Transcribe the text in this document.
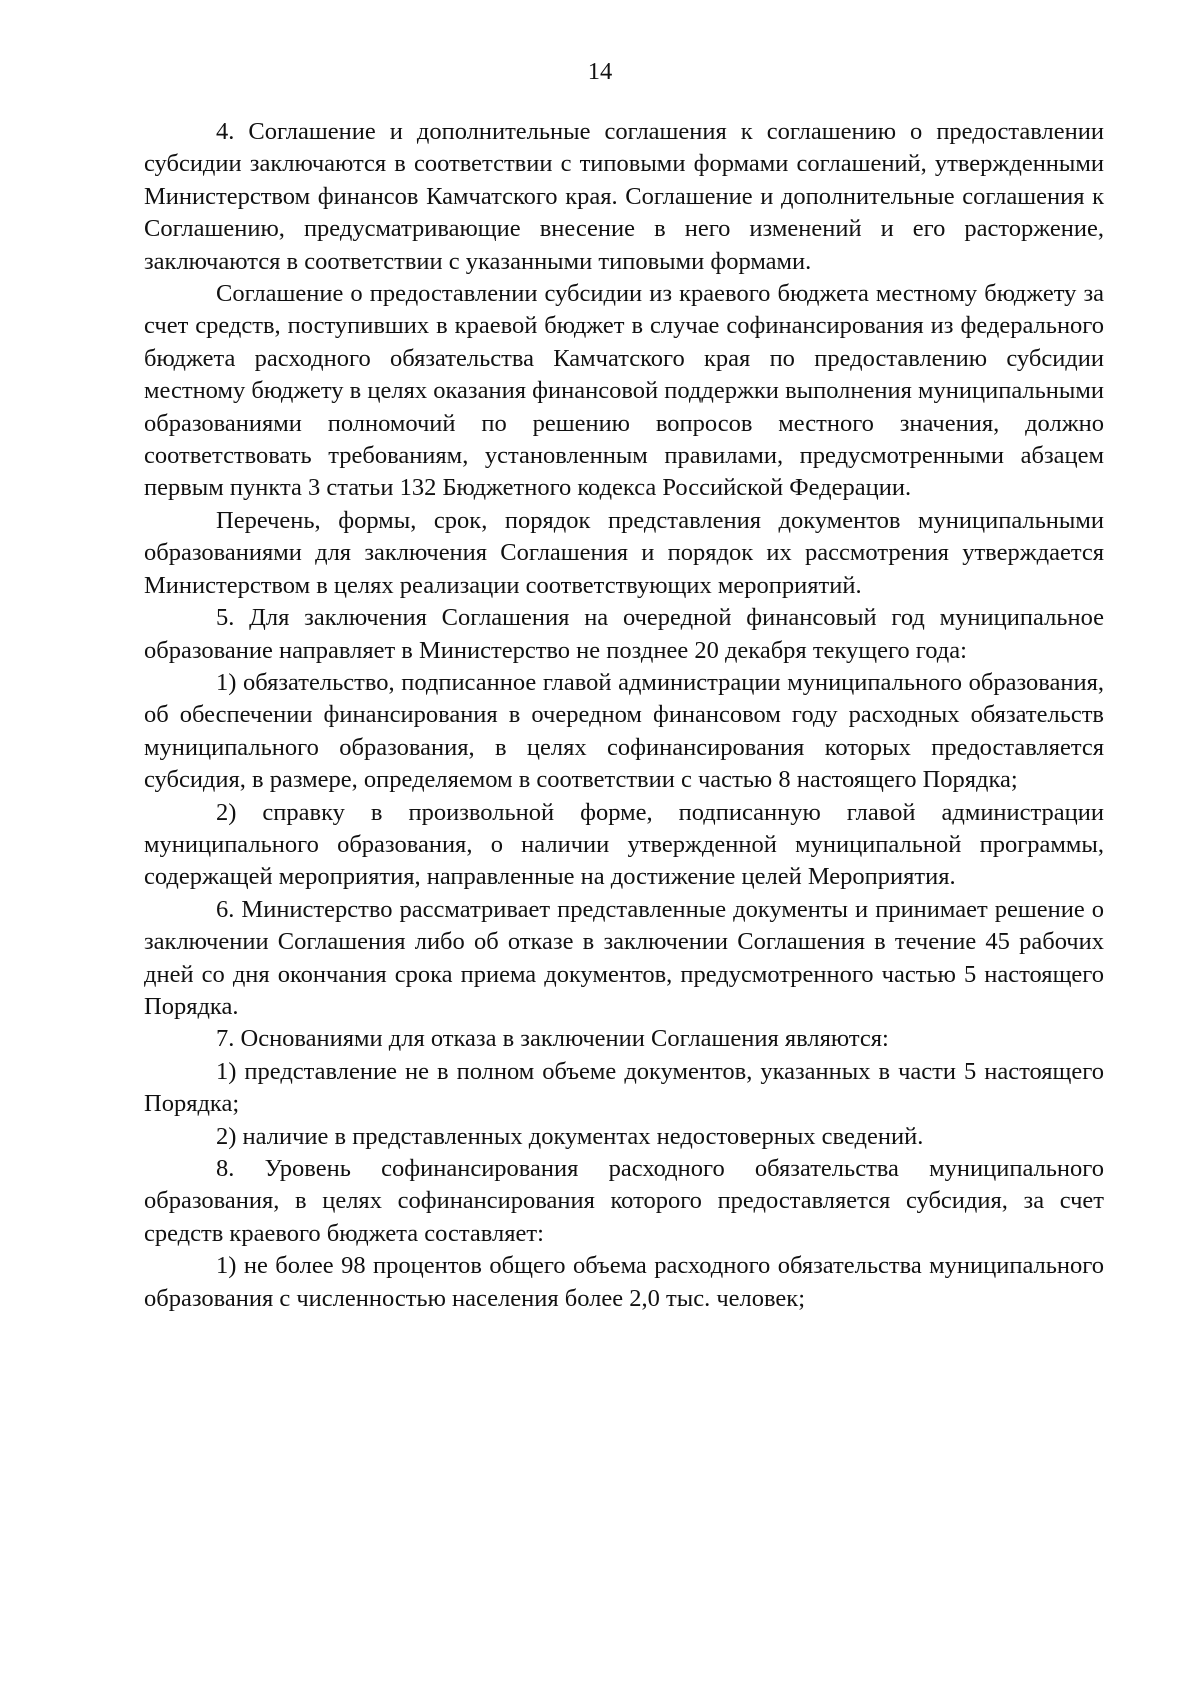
14

4. Соглашение и дополнительные соглашения к соглашению о предоставлении субсидии заключаются в соответствии с типовыми формами соглашений, утвержденными Министерством финансов Камчатского края. Соглашение и дополнительные соглашения к Соглашению, предусматривающие внесение в него изменений и его расторжение, заключаются в соответствии с указанными типовыми формами.

Соглашение о предоставлении субсидии из краевого бюджета местному бюджету за счет средств, поступивших в краевой бюджет в случае софинансирования из федерального бюджета расходного обязательства Камчатского края по предоставлению субсидии местному бюджету в целях оказания финансовой поддержки выполнения муниципальными образованиями полномочий по решению вопросов местного значения, должно соответствовать требованиям, установленным правилами, предусмотренными абзацем первым пункта 3 статьи 132 Бюджетного кодекса Российской Федерации.

Перечень, формы, срок, порядок представления документов муниципальными образованиями для заключения Соглашения и порядок их рассмотрения утверждается Министерством в целях реализации соответствующих мероприятий.

5. Для заключения Соглашения на очередной финансовый год муниципальное образование направляет в Министерство не позднее 20 декабря текущего года:

1) обязательство, подписанное главой администрации муниципального образования, об обеспечении финансирования в очередном финансовом году расходных обязательств муниципального образования, в целях софинансирования которых предоставляется субсидия, в размере, определяемом в соответствии с частью 8 настоящего Порядка;

2) справку в произвольной форме, подписанную главой администрации муниципального образования, о наличии утвержденной муниципальной программы, содержащей мероприятия, направленные на достижение целей Мероприятия.

6. Министерство рассматривает представленные документы и принимает решение о заключении Соглашения либо об отказе в заключении Соглашения в течение 45 рабочих дней со дня окончания срока приема документов, предусмотренного частью 5 настоящего Порядка.

7. Основаниями для отказа в заключении Соглашения являются:

1) представление не в полном объеме документов, указанных в части 5 настоящего Порядка;

2) наличие в представленных документах недостоверных сведений.

8. Уровень софинансирования расходного обязательства муниципального образования, в целях софинансирования которого предоставляется субсидия, за счет средств краевого бюджета составляет:

1) не более 98 процентов общего объема расходного обязательства муниципального образования с численностью населения более 2,0 тыс. человек;
